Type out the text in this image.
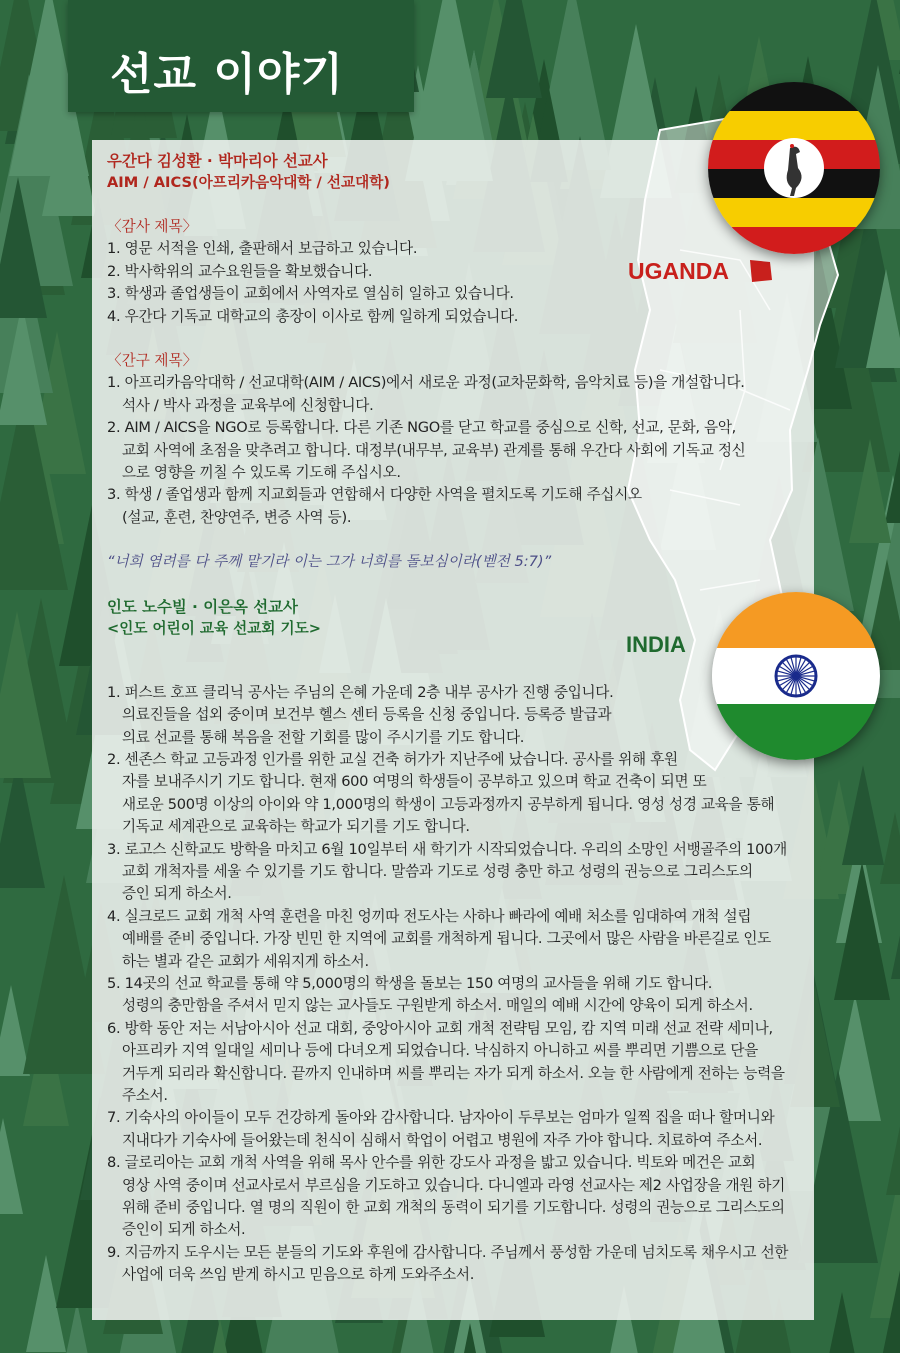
UGANDA
INDIA
선교 이야기

우간다 김성환 · 박마리아 선교사

AIM / AICS(아프리카음악대학 / 선교대학)

〈감사 제목〉

1. 영문 서적을 인쇄, 출판해서 보급하고 있습니다.

2. 박사학위의 교수요원들을 확보했습니다.

3. 학생과 졸업생들이 교회에서 사역자로 열심히 일하고 있습니다.

4. 우간다 기독교 대학교의 총장이 이사로 함께 일하게 되었습니다.

〈간구 제목〉

1. 아프리카음악대학 / 선교대학(AIM / AICS)에서 새로운 과정(교차문화학, 음악치료 등)을 개설합니다.

석사 / 박사 과정을 교육부에 신청합니다.

2. AIM / AICS을 NGO로 등록합니다. 다른 기존 NGO를 닫고 학교를 중심으로 신학, 선교, 문화, 음악,

교회 사역에 초점을 맞추려고 합니다. 대정부(내무부, 교육부) 관계를 통해 우간다 사회에 기독교 정신

으로 영향을 끼칠 수 있도록 기도해 주십시오.

3. 학생 / 졸업생과 함께 지교회들과 연합해서 다양한 사역을 펼치도록 기도해 주십시오

(설교, 훈련, 찬양연주, 변증 사역 등).

“너희 염려를 다 주께 맡기라 이는 그가 너희를 돌보심이라(벧전 5:7)”

인도 노수빌 · 이은옥 선교사

<인도 어린이 교육 선교회 기도>

1. 퍼스트 호프 클리닉 공사는 주님의 은혜 가운데 2층 내부 공사가 진행 중입니다.

의료진들을 섭외 중이며 보건부 헬스 센터 등록을 신청 중입니다. 등록증 발급과

의료 선교를 통해 복음을 전할 기회를 많이 주시기를 기도 합니다.

2. 센존스 학교 고등과정 인가를 위한 교실 건축 허가가 지난주에 났습니다. 공사를 위해 후원

자를 보내주시기 기도 합니다. 현재 600 여명의 학생들이 공부하고 있으며 학교 건축이 되면 또

새로운 500명 이상의 아이와 약 1,000명의 학생이 고등과정까지 공부하게 됩니다. 영성 성경 교육을 통해

기독교 세계관으로 교육하는 학교가 되기를 기도 합니다.

3. 로고스 신학교도 방학을 마치고 6월 10일부터 새 학기가 시작되었습니다. 우리의 소망인 서뱅골주의 100개

교회 개척자를 세울 수 있기를 기도 합니다. 말씀과 기도로 성령 충만 하고 성령의 권능으로 그리스도의

증인 되게 하소서.

4. 실크로드 교회 개척 사역 훈련을 마친 엉끼따 전도사는 사하나 빠라에 예배 처소를 임대하여 개척 설립

예배를 준비 중입니다. 가장 빈민 한 지역에 교회를 개척하게 됩니다. 그곳에서 많은 사람을 바른길로 인도

하는 별과 같은 교회가 세워지게 하소서.

5. 14곳의 선교 학교를 통해 약 5,000명의 학생을 돌보는 150 여명의 교사들을 위해 기도 합니다.

성령의 충만함을 주셔서 믿지 않는 교사들도 구원받게 하소서. 매일의 예배 시간에 양육이 되게 하소서.

6. 방학 동안 저는 서남아시아 선교 대회, 중앙아시아 교회 개척 전략팀 모임, 캄 지역 미래 선교 전략 세미나,

아프리카 지역 일대일 세미나 등에 다녀오게 되었습니다. 낙심하지 아니하고 씨를 뿌리면 기쁨으로 단을

거두게 되리라 확신합니다. 끝까지 인내하며 씨를 뿌리는 자가 되게 하소서. 오늘 한 사람에게 전하는 능력을

주소서.

7. 기숙사의 아이들이 모두 건강하게 돌아와 감사합니다. 남자아이 두루보는 엄마가 일찍 집을 떠나 할머니와

지내다가 기숙사에 들어왔는데 천식이 심해서 학업이 어렵고 병원에 자주 가야 합니다. 치료하여 주소서.

8. 글로리아는 교회 개척 사역을 위해 목사 안수를 위한 강도사 과정을 밟고 있습니다. 빅토와 메건은 교회

영상 사역 중이며 선교사로서 부르심을 기도하고 있습니다. 다니엘과 라영 선교사는 제2 사업장을 개원 하기

위해 준비 중입니다. 열 명의 직원이 한 교회 개척의 동력이 되기를 기도합니다. 성령의 권능으로 그리스도의

증인이 되게 하소서.

9. 지금까지 도우시는 모든 분들의 기도와 후원에 감사합니다. 주님께서 풍성함 가운데 넘치도록 채우시고 선한

사업에 더욱 쓰임 받게 하시고 믿음으로 하게 도와주소서.
